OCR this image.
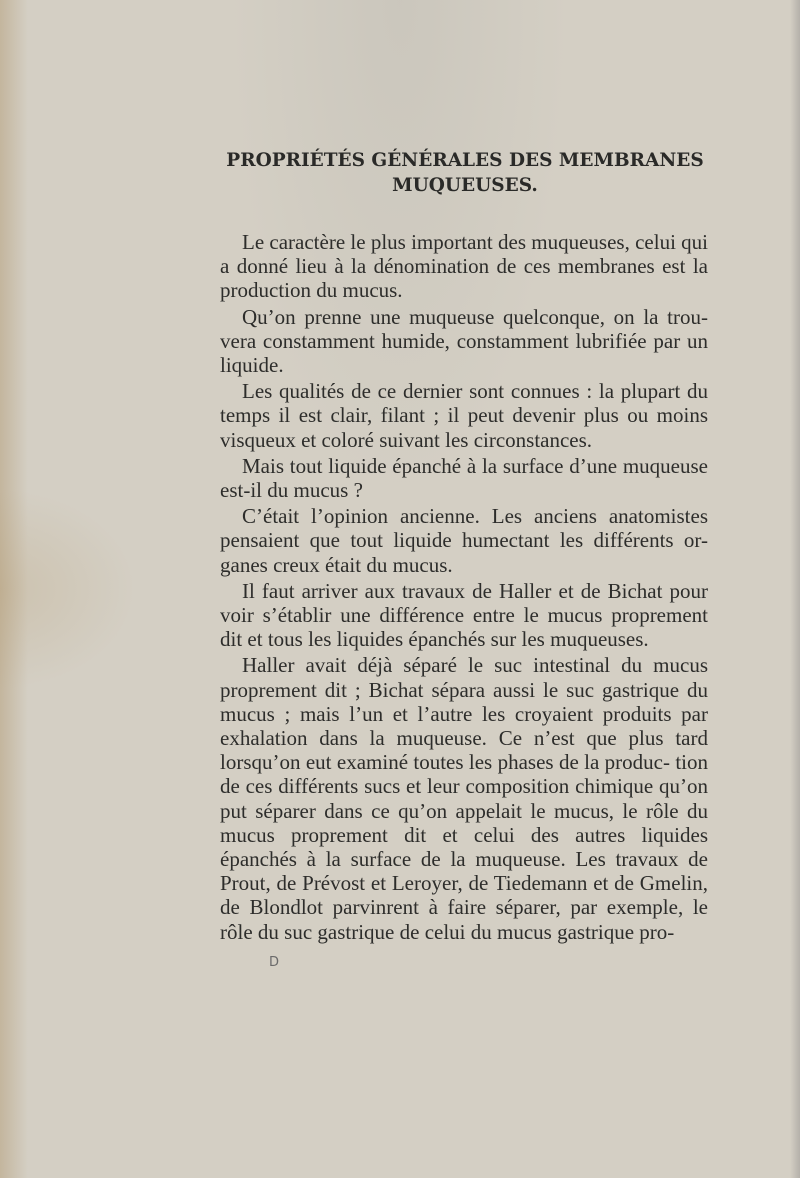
PROPRIÉTÉS GÉNÉRALES DES MEMBRANES
MUQUEUSES.

Le caractère le plus important des muqueuses, celui qui a donné lieu à la dénomination de ces membranes est la production du mucus.

Qu’on prenne une muqueuse quelconque, on la trou- vera constamment humide, constamment lubrifiée par un liquide.

Les qualités de ce dernier sont connues : la plupart du temps il est clair, filant ; il peut devenir plus ou moins visqueux et coloré suivant les circonstances.

Mais tout liquide épanché à la surface d’une muqueuse est-il du mucus ?

C’était l’opinion ancienne. Les anciens anatomistes pensaient que tout liquide humectant les différents or- ganes creux était du mucus.

Il faut arriver aux travaux de Haller et de Bichat pour voir s’établir une différence entre le mucus proprement dit et tous les liquides épanchés sur les muqueuses.

Haller avait déjà séparé le suc intestinal du mucus proprement dit ; Bichat sépara aussi le suc gastrique du mucus ; mais l’un et l’autre les croyaient produits par exhalation dans la muqueuse. Ce n’est que plus tard lorsqu’on eut examiné toutes les phases de la produc- tion de ces différents sucs et leur composition chimique qu’on put séparer dans ce qu’on appelait le mucus, le rôle du mucus proprement dit et celui des autres liquides épanchés à la surface de la muqueuse. Les travaux de Prout, de Prévost et Leroyer, de Tiedemann et de Gmelin, de Blondlot parvinrent à faire séparer, par exemple, le rôle du suc gastrique de celui du mucus gastrique pro-

D
